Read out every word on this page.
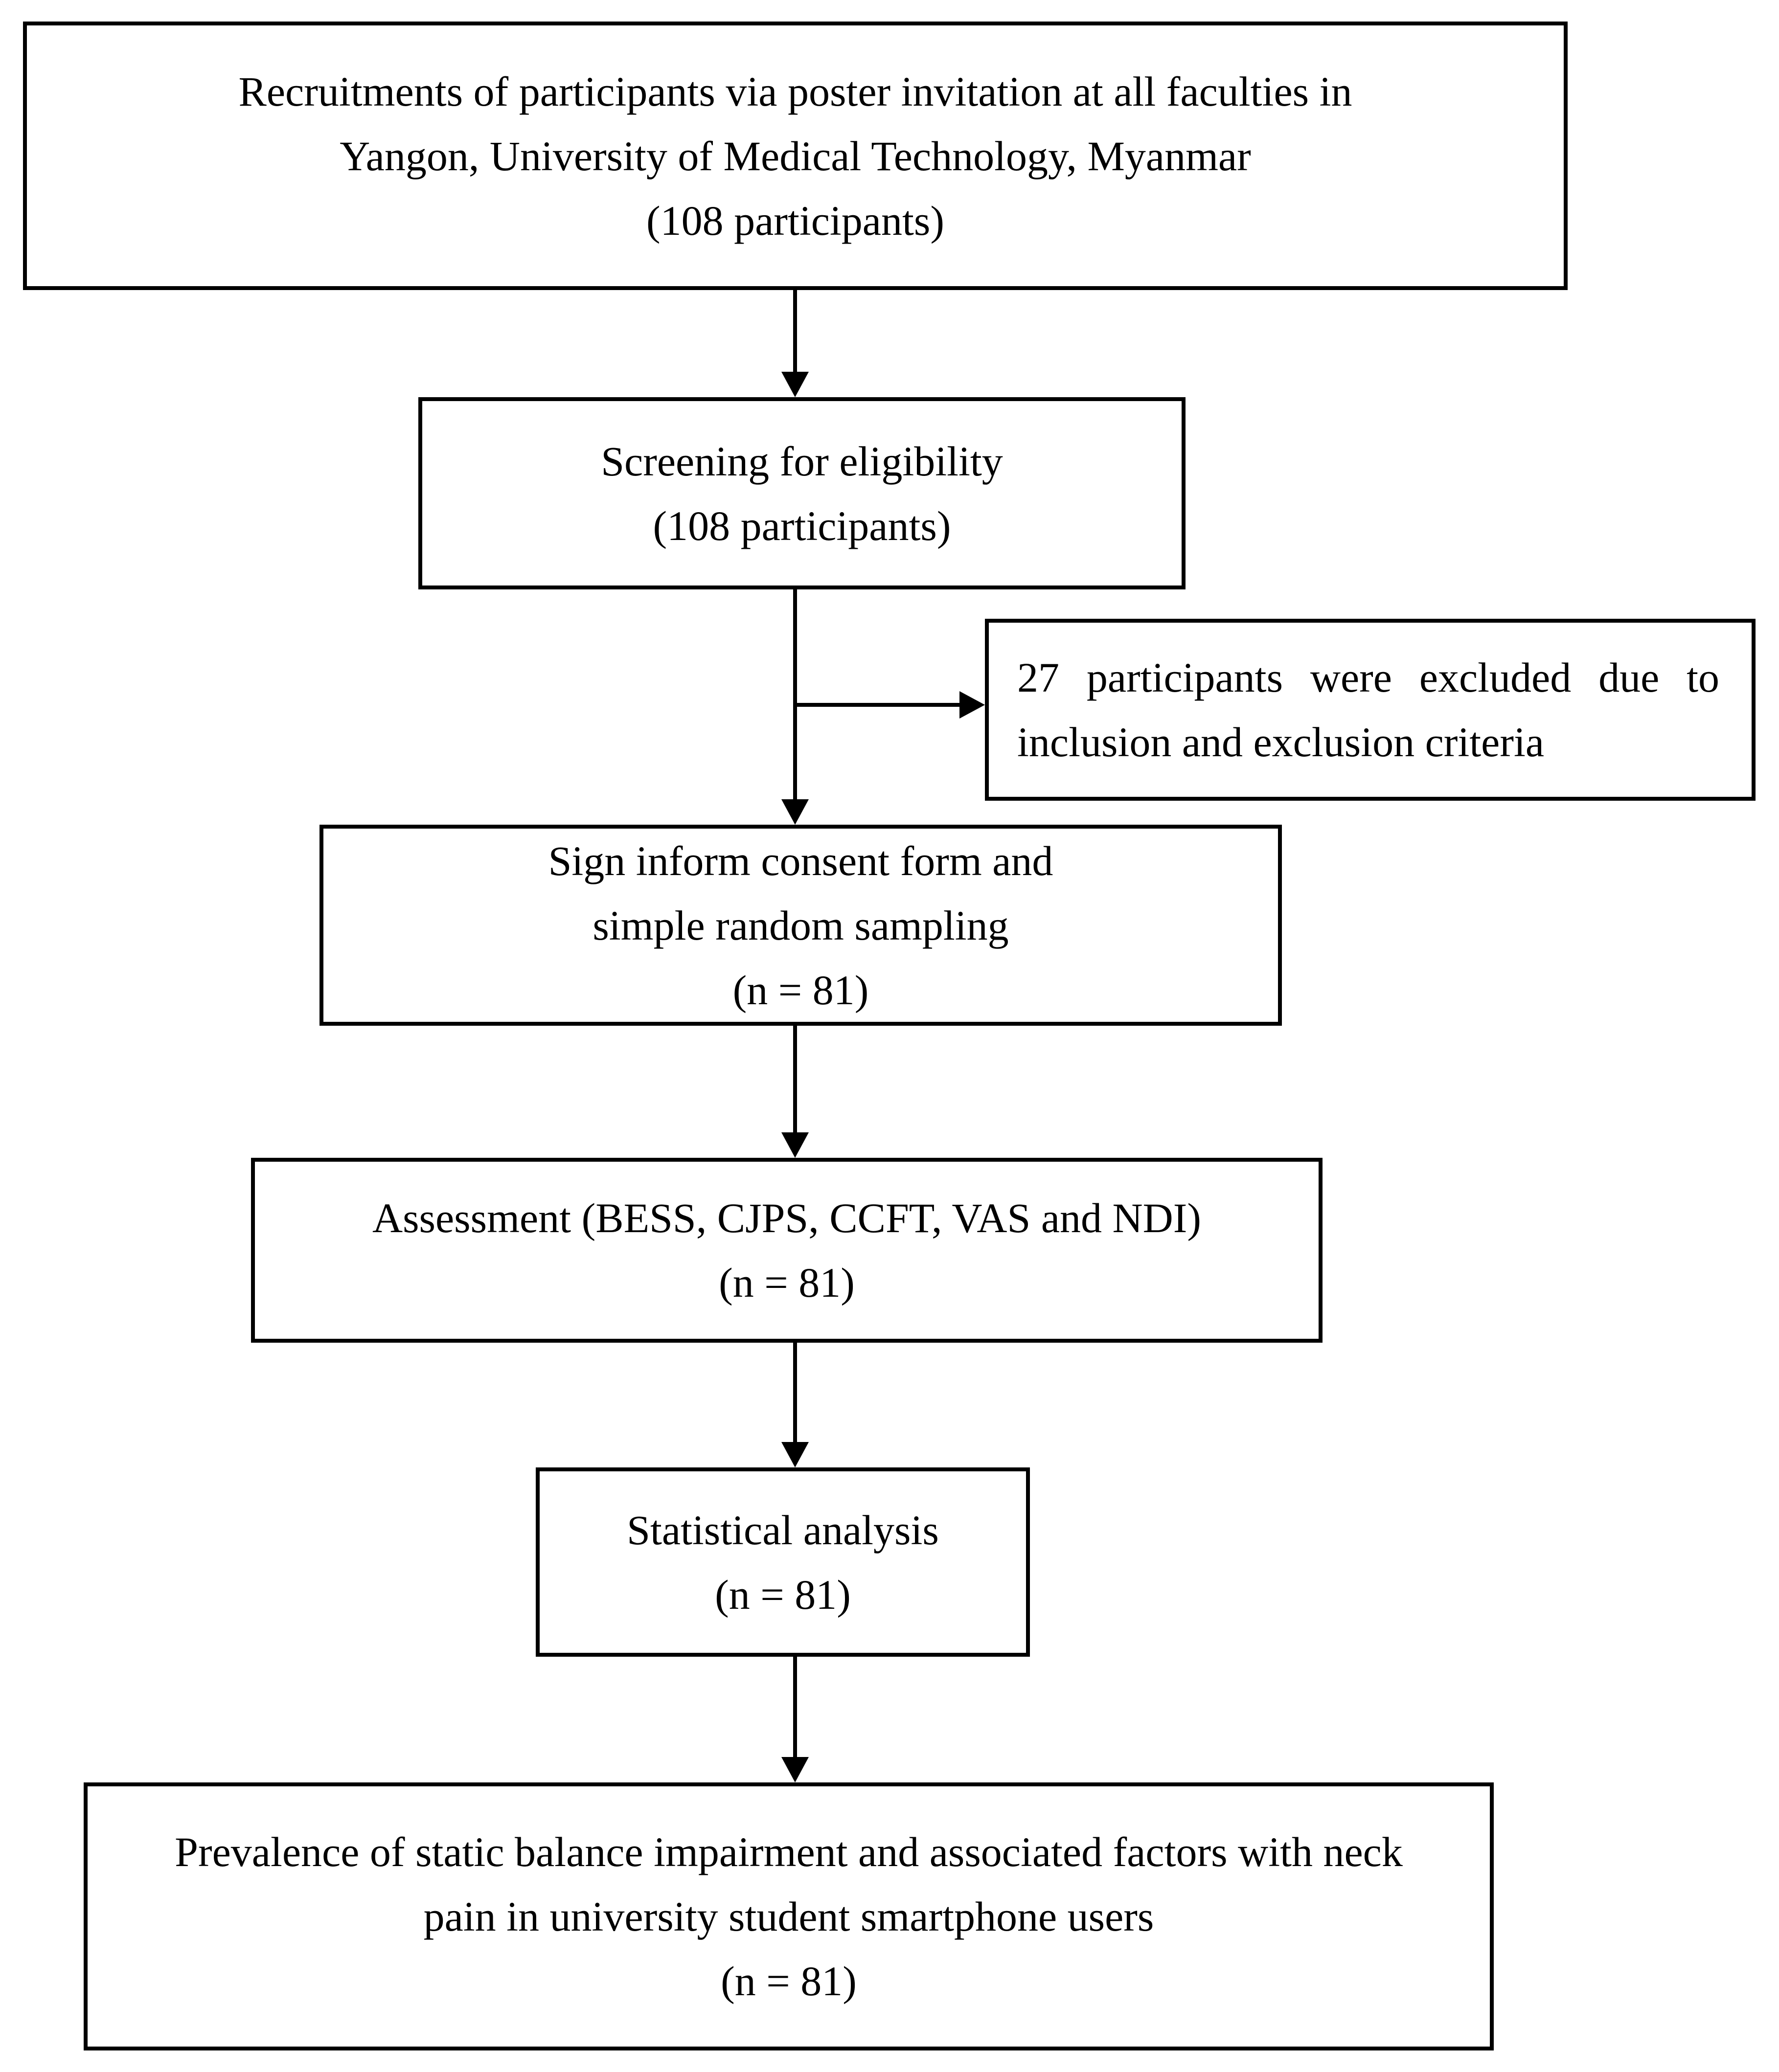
Recruitments of participants via poster invitation at all faculties in
Yangon, University of Medical Technology, Myanmar
(108 participants)
Screening for eligibility
(108 participants)
27 participants were excluded due to
inclusion and exclusion criteria
Sign inform consent form and
simple random sampling
(n = 81)
Assessment (BESS, CJPS, CCFT, VAS and NDI)
(n = 81)
Statistical analysis
(n = 81)
Prevalence of static balance impairment and associated factors with neck
pain in university student smartphone users
(n = 81)
